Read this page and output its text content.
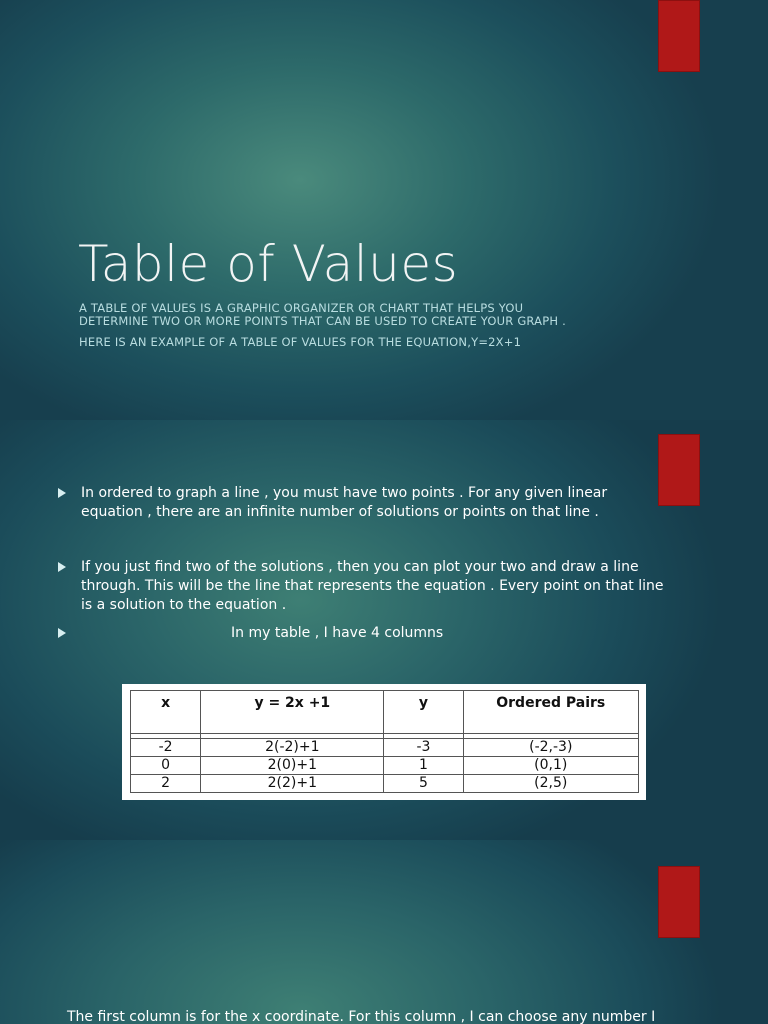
Table of Values
A TABLE OF VALUES IS A GRAPHIC ORGANIZER OR CHART THAT HELPS YOU
DETERMINE TWO OR MORE POINTS THAT CAN BE USED TO CREATE YOUR GRAPH .
HERE IS AN EXAMPLE OF A TABLE OF VALUES FOR THE EQUATION,Y=2X+1
In ordered to graph a line , you must have two points . For any given linear
equation , there are an infinite number of solutions or points on that line .
If you just find two of the solutions , then you can plot your two and draw a line
through. This will be the line that represents the equation . Every point on that line
is a solution to the equation .
In my table , I have 4 columns
x	y = 2x +1	y	Ordered Pairs

-2	2(-2)+1	-3	(-2,-3)
0	2(0)+1	1	(0,1)
2	2(2)+1	5	(2,5)
The first column is for the x coordinate. For this column , I can choose any number I
